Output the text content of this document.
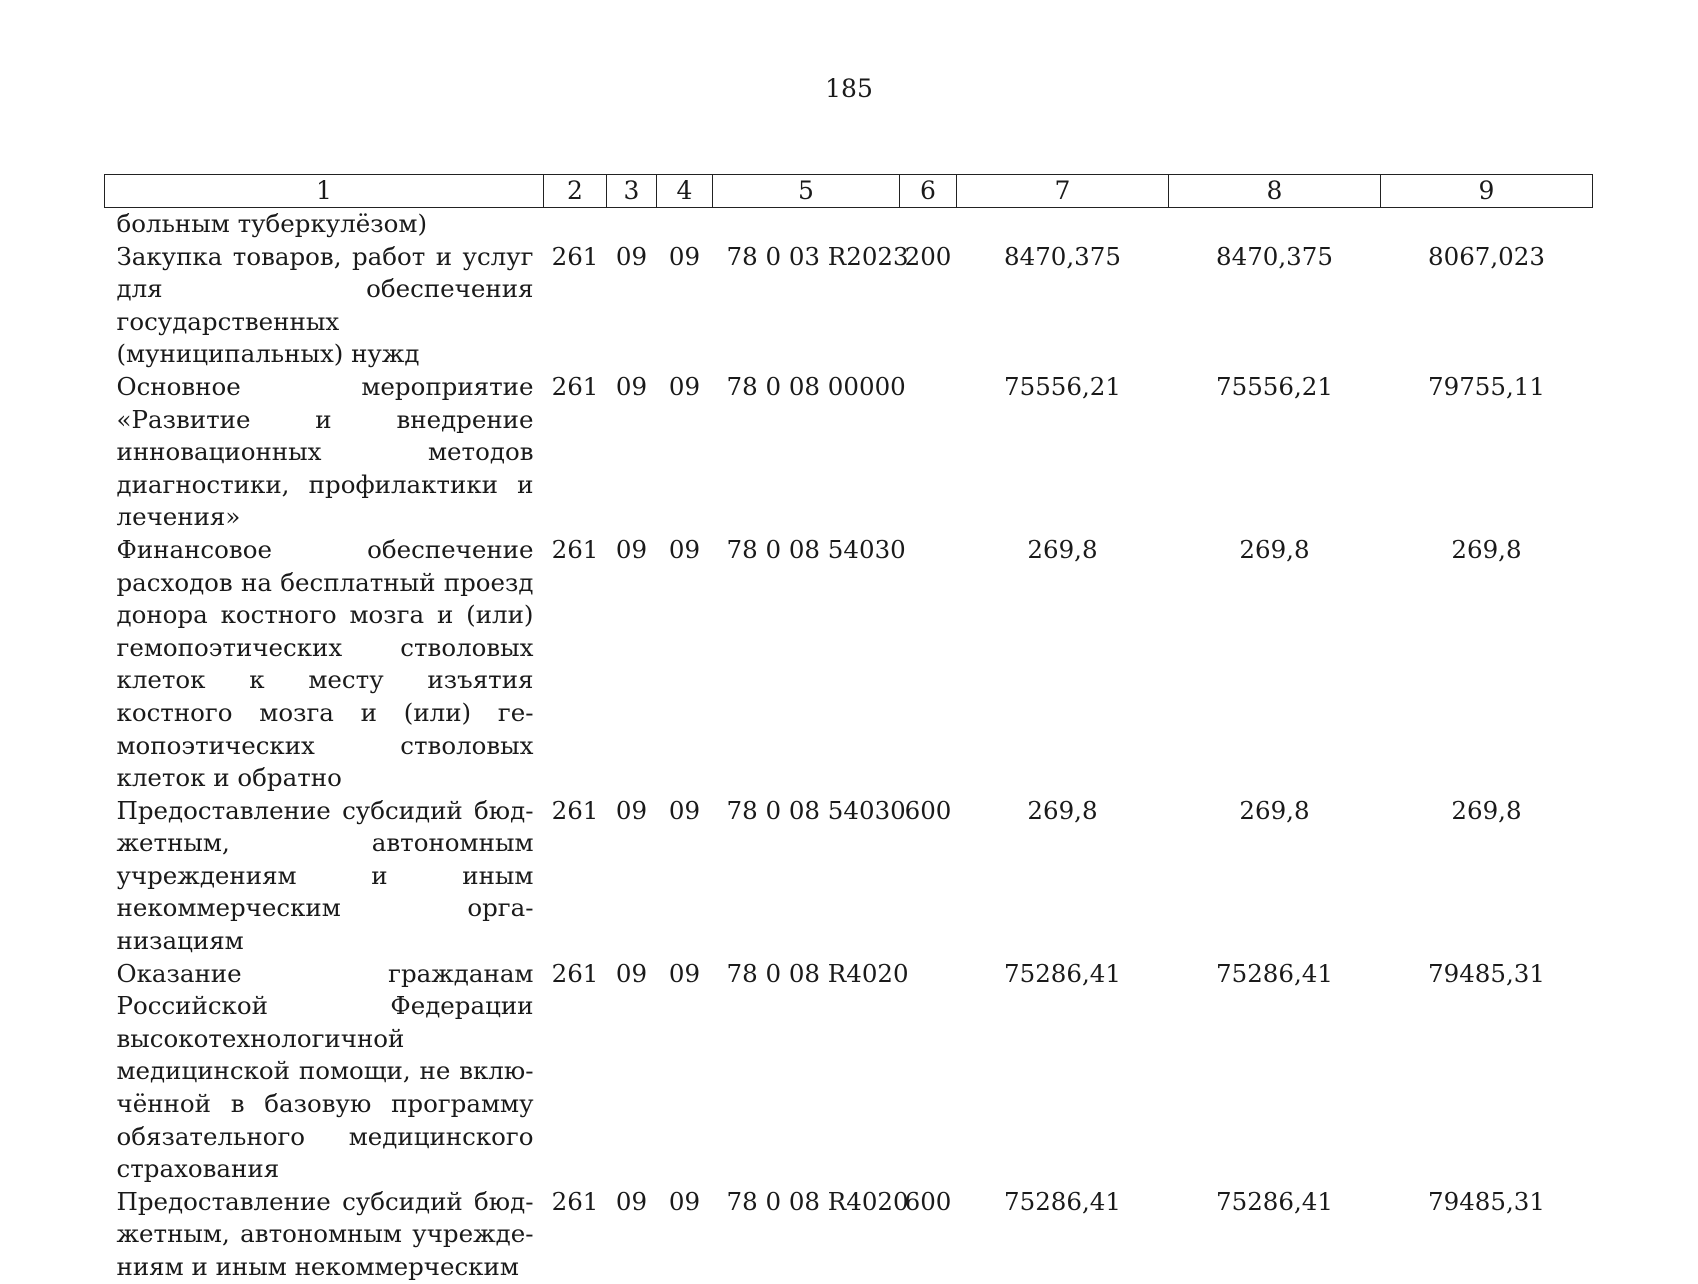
185
1	2	3	4	5	6	7	8	9
больным туберкулёзом)								
Закупка товаров, работ и услуг для обеспечения государственных (муниципальных) нужд	261	09	09	78 0 03 R2023	200	8470,375	8470,375	8067,023
Основное мероприятие «Развитие и внедрение инновационных методов диагностики, профилактики и лечения»	261	09	09	78 0 08 00000		75556,21	75556,21	79755,11
Финансовое обеспечение расходов на бесплатный проезд донора костного мозга и (или) гемопоэтических стволовых клеток к месту изъятия костного мозга и (или) гемопоэтических стволовых клеток и обратно	261	09	09	78 0 08 54030		269,8	269,8	269,8
Предоставление субсидий бюджетным, автономным учреждениям и иным некоммерческим организациям	261	09	09	78 0 08 54030	600	269,8	269,8	269,8
Оказание гражданам Российской Федерации высокотехнологичной медицинской помощи, не включённой в базовую программу обязательного медицинского страхования	261	09	09	78 0 08 R4020		75286,41	75286,41	79485,31
Предоставление субсидий бюджетным, автономным учреждениям и иным некоммерческим	261	09	09	78 0 08 R4020	600	75286,41	75286,41	79485,31
